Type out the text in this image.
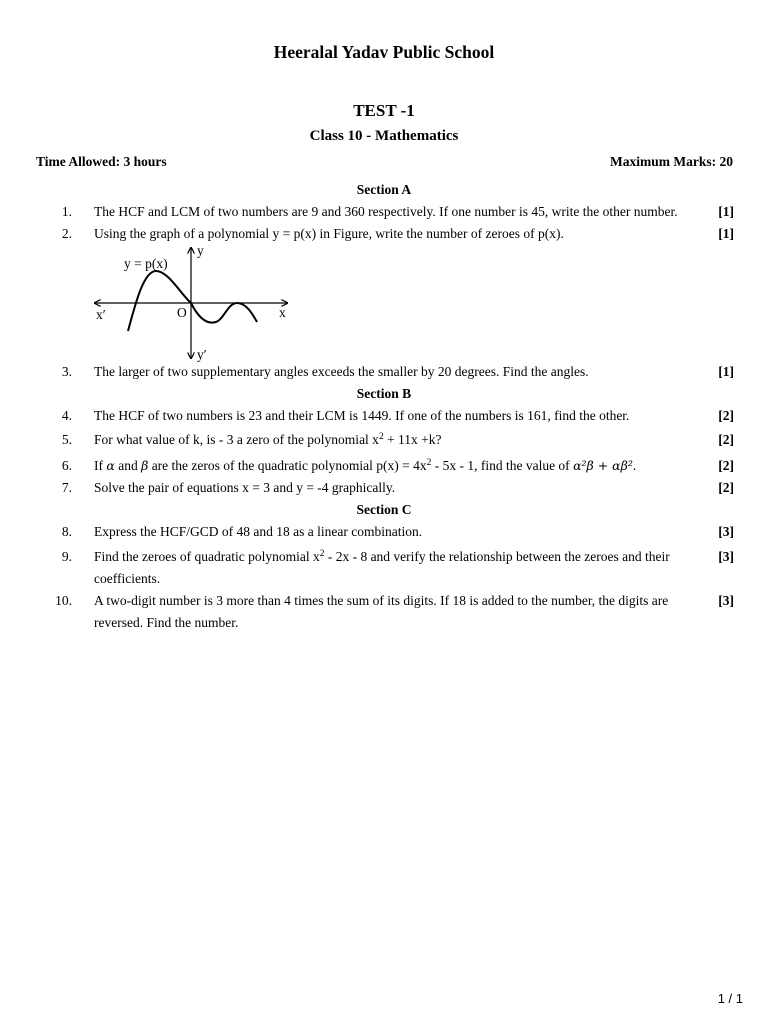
Heeralal Yadav Public School
TEST -1
Class 10 - Mathematics
Time Allowed: 3 hours	Maximum Marks: 20
Section A
1. The HCF and LCM of two numbers are 9 and 360 respectively. If one number is 45, write the other number.	[1]
2. Using the graph of a polynomial y = p(x) in Figure, write the number of zeroes of p(x).	[1]
y = p(x)
y
y′
x
x′	O
3. The larger of two supplementary angles exceeds the smaller by 20 degrees. Find the angles.	[1]
Section B
4. The HCF of two numbers is 23 and their LCM is 1449. If one of the numbers is 161, find the other.	[2]
5. For what value of k, is - 3 a zero of the polynomial $x^2 + 11x +k$?	[2]
6. If α and β are the zeros of the quadratic polynomial $p(x) = 4x^2 - 5x - 1$, find the value of α²β + αβ².	[2]
7. Solve the pair of equations x = 3 and y = -4 graphically.	[2]
Section C
8. Express the HCF/GCD of 48 and 18 as a linear combination.	[3]
9. Find the zeroes of quadratic polynomial $x^2 - 2x - 8$ and verify the relationship between the zeroes and their coefficients.
[3]
10. A two-digit number is 3 more than 4 times the sum of its digits. If 18 is added to the number, the digits are reversed. Find the number.
[3]
1 / 1
